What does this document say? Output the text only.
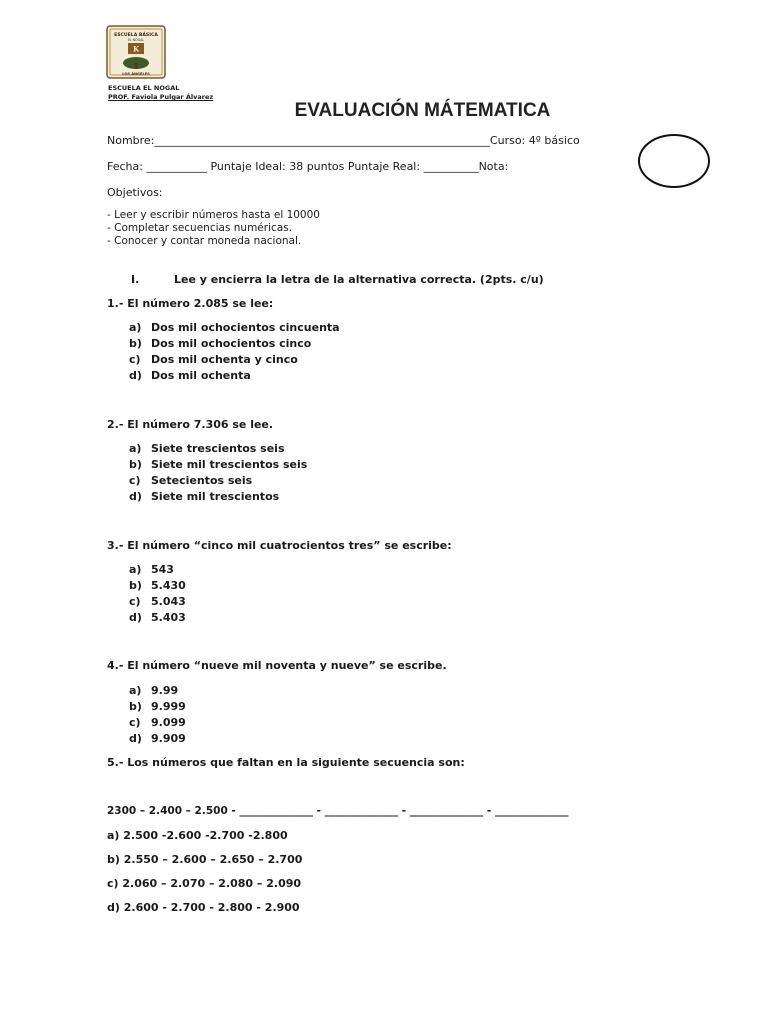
ESCUELA BÁSICA
EL NOGAL
K
LOS ÁNGELES
ESCUELA EL NOGAL
PROF. Faviola Pulgar Álvarez
EVALUACIÓN MÁTEMATICA
Nombre:_____________________________________________________________Curso: 4º básico
Fecha: ___________ Puntaje Ideal: 38 puntos Puntaje Real: __________Nota:
Objetivos:
- Leer y escribir números hasta el 10000
- Completar secuencias numéricas.
- Conocer y contar moneda nacional.
I.	Lee y encierra la letra de la alternativa correcta. (2pts. c/u)
1.- El número 2.085 se lee:
a) Dos mil ochocientos cincuenta
b) Dos mil ochocientos cinco
c) Dos mil ochenta y cinco
d) Dos mil ochenta
2.- El número 7.306 se lee.
a) Siete trescientos seis
b) Siete mil trescientos seis
c) Setecientos seis
d) Siete mil trescientos
3.- El número “cinco mil cuatrocientos tres” se escribe:
a) 543
b) 5.430
c) 5.043
d) 5.403
4.- El número “nueve mil noventa y nueve” se escribe.
a) 9.99
b) 9.999
c) 9.099
d) 9.909
5.- Los números que faltan en la siguiente secuencia son:
2300 – 2.400 – 2.500 - ______________ - ______________ - ______________ - ______________
a) 2.500 -2.600 -2.700 -2.800
b) 2.550 – 2.600 – 2.650 – 2.700
c) 2.060 – 2.070 – 2.080 – 2.090
d) 2.600 - 2.700 - 2.800 - 2.900
